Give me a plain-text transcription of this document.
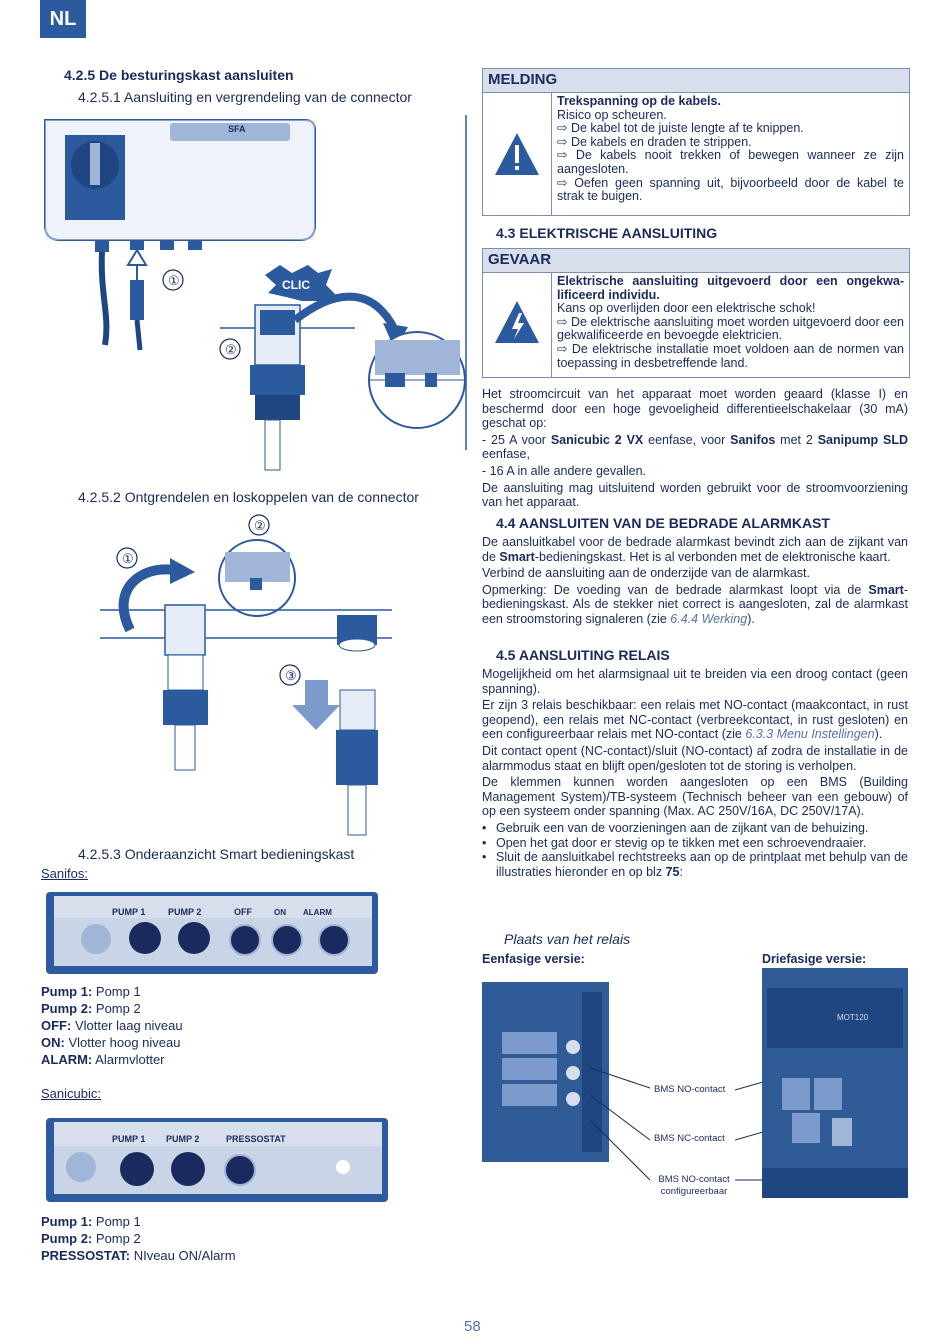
NL
4.2.5 De besturingskast aansluiten
4.2.5.1 Aansluiting en vergrendeling van de connector
SFA
①
②
CLIC
4.2.5.2 Ontgrendelen en loskoppelen van de connector
②
①
③
4.2.5.3 Onderaanzicht Smart bedieningskast
Sanifos:
PUMP 1	PUMP 2	OFF	ON ALARM
Pump 1: Pomp 1
Pump 2: Pomp 2
OFF: Vlotter laag niveau
ON: Vlotter hoog niveau
ALARM: Alarmvlotter
Sanicubic:
PUMP 1 PUMP 2	PRESSOSTAT
Pump 1: Pomp 1
Pump 2: Pomp 2
PRESSOSTAT: NIveau ON/Alarm
MELDING
Trekspanning op de kabels.
Risico op scheuren.
⇨ De kabel tot de juiste lengte af te knippen.
⇨ De kabels en draden te strippen.
⇨ De kabels nooit trekken of bewegen wanneer ze zijn aangesloten.
⇨ Oefen geen spanning uit, bijvoorbeeld door de kabel te strak te buigen.
4.3 ELEKTRISCHE AANSLUITING
GEVAAR
Elektrische aansluiting uitgevoerd door een ongekwa-lificeerd individu.
Kans op overlijden door een elektrische schok!
⇨ De elektrische aansluiting moet worden uitgevoerd door een gekwalificeerde en bevoegde elektricien.
⇨ De elektrische installatie moet voldoen aan de normen van toepassing in desbetreffende land.

Het stroomcircuit van het apparaat moet worden geaard (klasse I) en beschermd door een hoge gevoeligheid differentieelschakelaar (30 mA) geschat op:

- 25 A voor Sanicubic 2 VX eenfase, voor Sanifos met 2 Sanipump SLD eenfase,

- 16 A in alle andere gevallen.

De aansluiting mag uitsluitend worden gebruikt voor de stroomvoorziening van het apparaat.

4.4 AANSLUITEN VAN DE BEDRADE ALARMKAST

De aansluitkabel voor de bedrade alarmkast bevindt zich aan de zijkant van de Smart-bedieningskast. Het is al verbonden met de elektronische kaart.

Verbind de aansluiting aan de onderzijde van de alarmkast.

Opmerking: De voeding van de bedrade alarmkast loopt via de Smart-bedieningskast. Als de stekker niet correct is aangesloten, zal de alarmkast een stroomstoring signaleren (zie 6.4.4 Werking).

4.5 AANSLUITING RELAIS

Mogelijkheid om het alarmsignaal uit te breiden via een droog contact (geen spanning).

Er zijn 3 relais beschikbaar: een relais met NO-contact (maakcontact, in rust geopend), een relais met NC-contact (verbreekcontact, in rust gesloten) en een configureerbaar relais met NO-contact (zie 6.3.3 Menu Instellingen).

Dit contact opent (NC-contact)/sluit (NO-contact) af zodra de installatie in de alarmmodus staat en blijft open/gesloten tot de storing is verholpen.

De klemmen kunnen worden aangesloten op een BMS (Building Management System)/TB-systeem (Technisch beheer van een gebouw) of op een systeem onder spanning (Max. AC 250V/16A, DC 250V/17A).

• Gebruik een van de voorzieningen aan de zijkant van de behuizing.
• Open het gat door er stevig op te tikken met een schroevendraaier.
• Sluit de aansluitkabel rechtstreeks aan op de printplaat met behulp van de illustraties hieronder en op blz 75:
Plaats van het relais
Eenfasige versie:	Driefasige versie:
BMS NO-contact
BMS NC-contact
BMS NO-contact configureerbaar
MOT120
58
